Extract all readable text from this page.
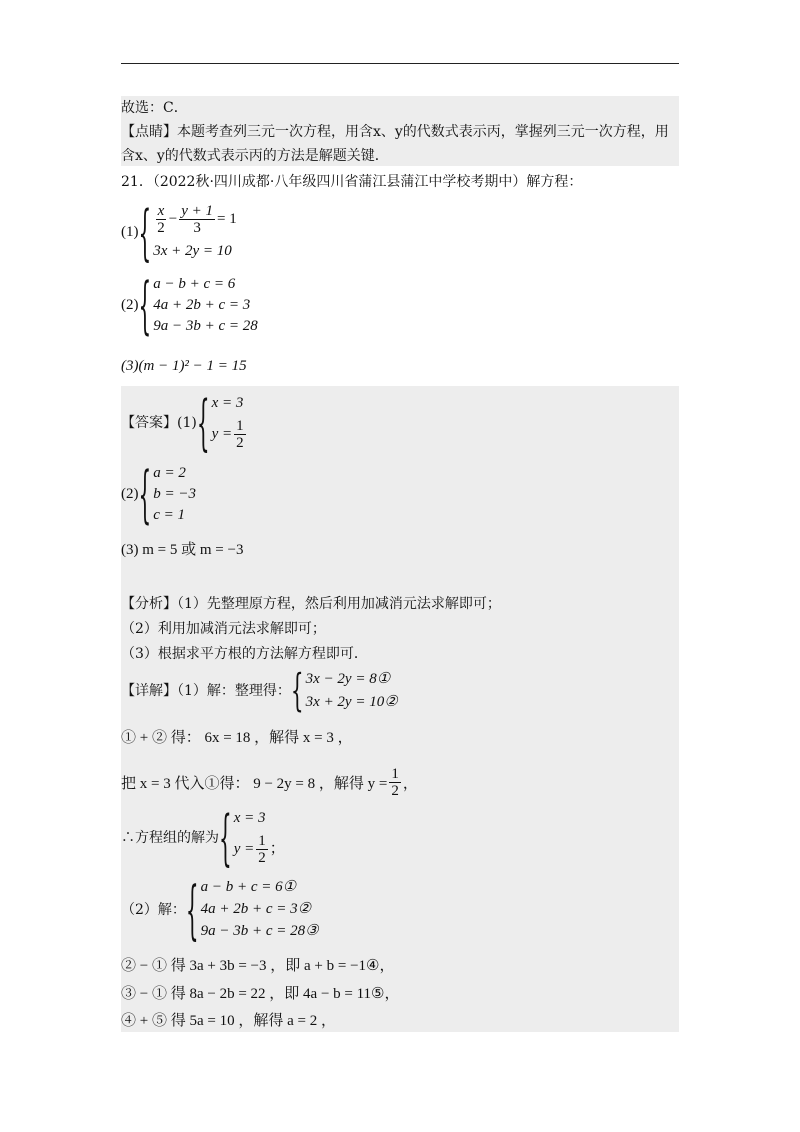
故选：C．
【点睛】本题考查列三元一次方程，用含x、y的代数式表示丙，掌握列三元一次方程，用
含x、y的代数式表示丙的方法是解题关键．
21．（2022秋·四川成都·八年级四川省蒲江县蒲江中学校考期中）解方程：
(1) { $\frac{x}{2} - \frac{y + 1}{3} = 1$
3x + 2y = 10
(2) { a − b + c = 6
4a + 2b + c = 3
9a − 3b + c = 28
(3)(m − 1)² − 1 = 15
【答案】(1) { x = 3
$y = \frac{1}{2}$
(2) { a = 2
b = −3
c = 1
(3) m = 5 或 m = −3
【分析】（1）先整理原方程，然后利用加减消元法求解即可；
（2）利用加减消元法求解即可；
（3）根据求平方根的方法解方程即可．
【详解】（1）解：整理得： { 3x − 2y = 8①
3x + 2y = 10②
① + ② 得： 6x = 18 ，解得 x = 3 ，
把 x = 3 代入①得： 9 − 2y = 8 ，解得 $y = \frac{1}{2}$ ，
∴方程组的解为 { x = 3
$y = \frac{1}{2}$ ；
（2）解： { a − b + c = 6①
4a + 2b + c = 3②
9a − 3b + c = 28③
② − ① 得 3a + 3b = −3 ，即 a + b = −1④，
③ − ① 得 8a − 2b = 22 ，即 4a − b = 11⑤，
④ + ⑤ 得 5a = 10 ，解得 a = 2 ，
